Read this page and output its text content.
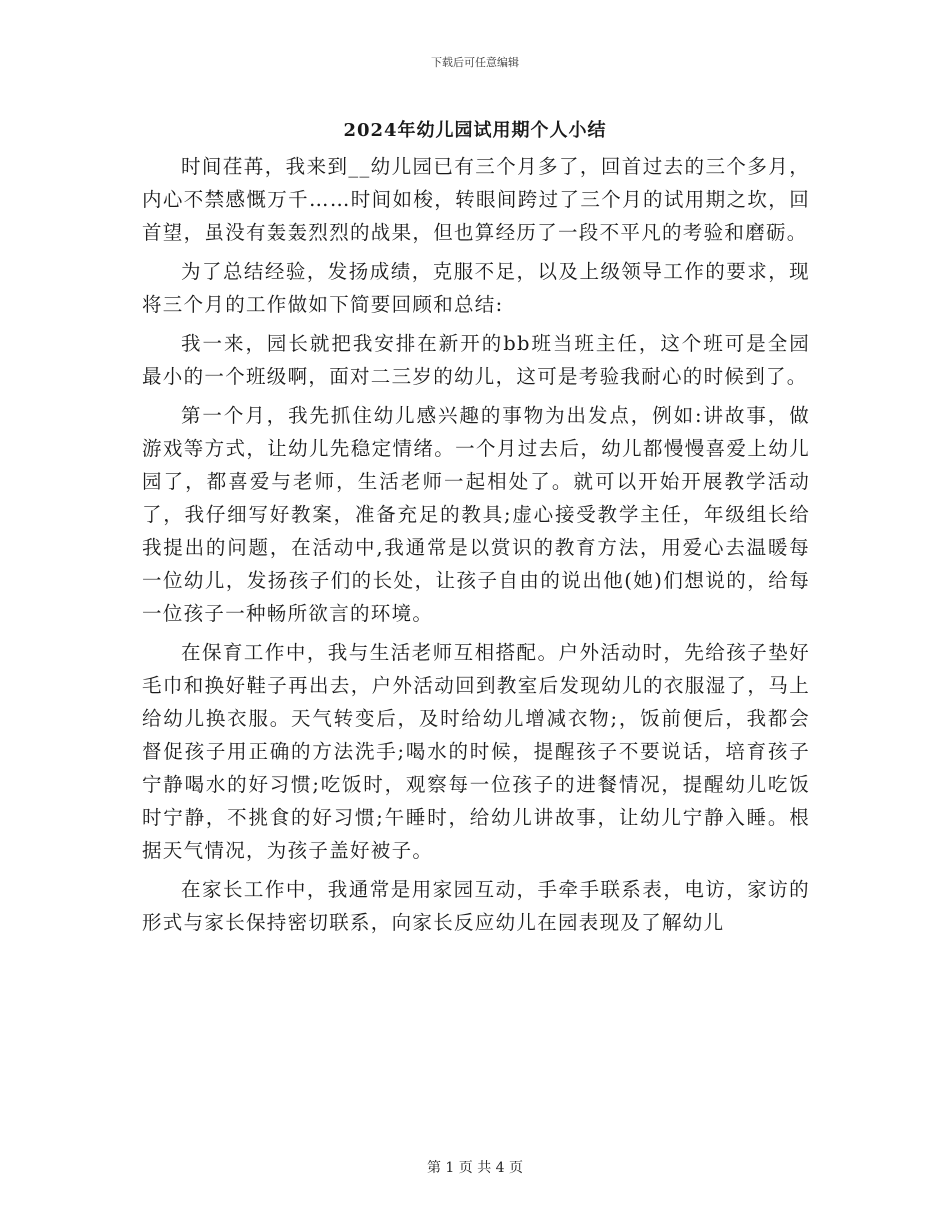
下载后可任意编辑
2024年幼儿园试用期个人小结

时间荏苒，我来到__幼儿园已有三个月多了，回首过去的三个多月，内心不禁感慨万千……时间如梭，转眼间跨过了三个月的试用期之坎，回首望，虽没有轰轰烈烈的战果，但也算经历了一段不平凡的考验和磨砺。

为了总结经验，发扬成绩，克服不足，以及上级领导工作的要求，现将三个月的工作做如下简要回顾和总结:

我一来，园长就把我安排在新开的bb班当班主任，这个班可是全园最小的一个班级啊，面对二三岁的幼儿，这可是考验我耐心的时候到了。

第一个月，我先抓住幼儿感兴趣的事物为出发点，例如:讲故事，做游戏等方式，让幼儿先稳定情绪。一个月过去后，幼儿都慢慢喜爱上幼儿园了，都喜爱与老师，生活老师一起相处了。就可以开始开展教学活动了，我仔细写好教案，准备充足的教具;虚心接受教学主任，年级组长给我提出的问题，在活动中,我通常是以赏识的教育方法，用爱心去温暖每一位幼儿，发扬孩子们的长处，让孩子自由的说出他(她)们想说的，给每一位孩子一种畅所欲言的环境。

在保育工作中，我与生活老师互相搭配。户外活动时，先给孩子垫好毛巾和换好鞋子再出去，户外活动回到教室后发现幼儿的衣服湿了，马上给幼儿换衣服。天气转变后，及时给幼儿增减衣物;，饭前便后，我都会督促孩子用正确的方法洗手;喝水的时候，提醒孩子不要说话，培育孩子宁静喝水的好习惯;吃饭时，观察每一位孩子的进餐情况，提醒幼儿吃饭时宁静，不挑食的好习惯;午睡时，给幼儿讲故事，让幼儿宁静入睡。根据天气情况，为孩子盖好被子。

在家长工作中，我通常是用家园互动，手牵手联系表，电访，家访的形式与家长保持密切联系，向家长反应幼儿在园表现及了解幼儿

第 1 页 共 4 页
